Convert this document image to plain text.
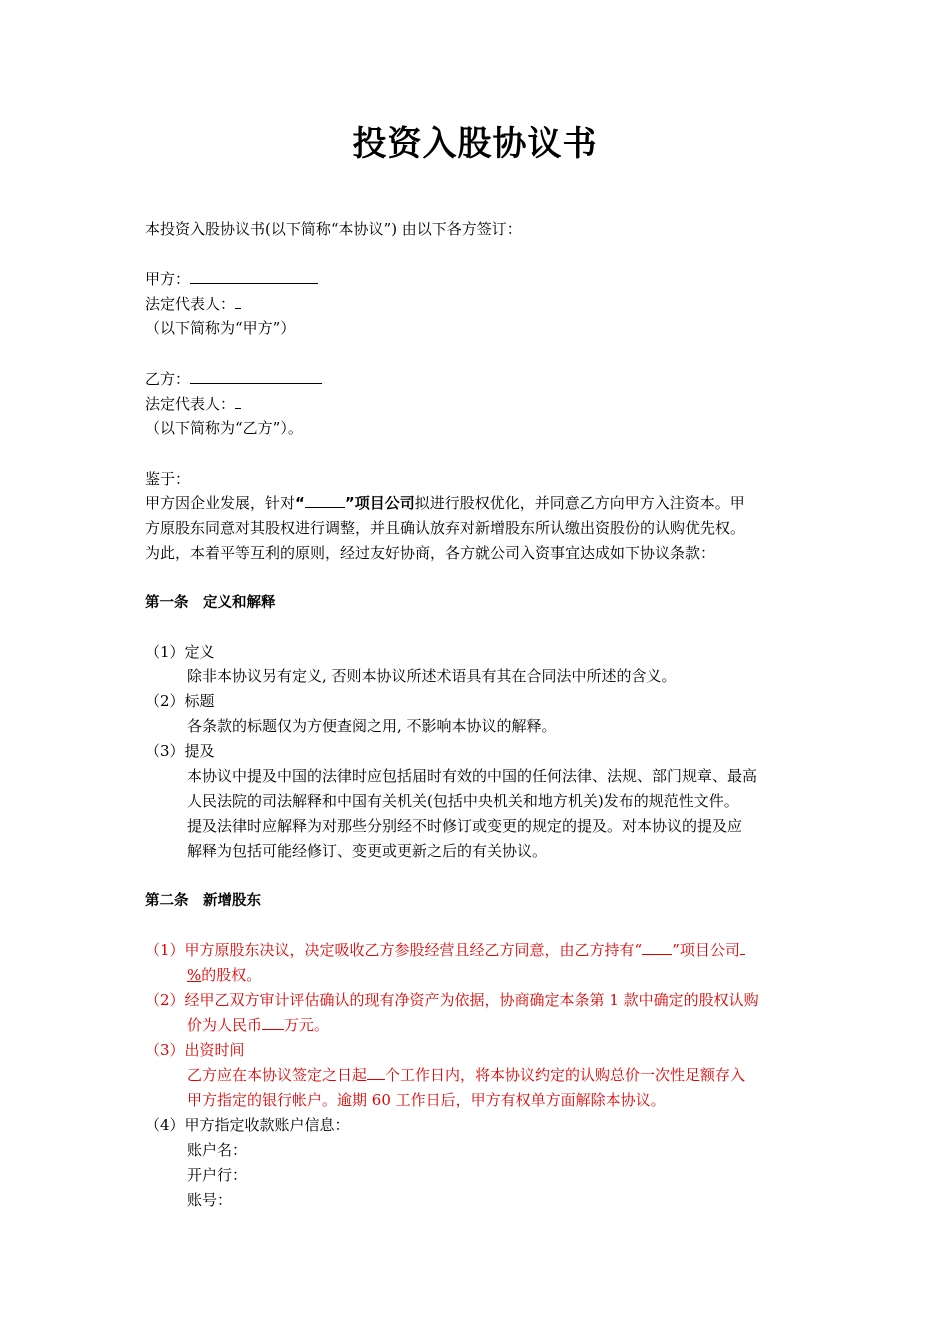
投资入股协议书
本投资入股协议书(以下简称“本协议”) 由以下各方签订：
甲方：
法定代表人：
（以下简称为“甲方”）
乙方：
法定代表人：
（以下简称为“乙方”）。
鉴于：
甲方因企业发展，针对“	”项目公司拟进行股权优化，并同意乙方向甲方入注资本。甲
方原股东同意对其股权进行调整，并且确认放弃对新增股东所认缴出资股份的认购优先权。
为此，本着平等互利的原则，经过友好协商，各方就公司入资事宜达成如下协议条款：
第一条　定义和解释
（1）定义
除非本协议另有定义, 否则本协议所述术语具有其在合同法中所述的含义。
（2）标题
各条款的标题仅为方便查阅之用, 不影响本协议的解释。
（3）提及
本协议中提及中国的法律时应包括届时有效的中国的任何法律、法规、部门规章、最高
人民法院的司法解释和中国有关机关(包括中央机关和地方机关)发布的规范性文件。
提及法律时应解释为对那些分别经不时修订或变更的规定的提及。对本协议的提及应
解释为包括可能经修订、变更或更新之后的有关协议。
第二条　新增股东
（1）甲方原股东决议，决定吸收乙方参股经营且经乙方同意，由乙方持有“ ”项目公司
%的股权。
（2）经甲乙双方审计评估确认的现有净资产为依据，协商确定本条第 1 款中确定的股权认购
价为人民币 万元。
（3）出资时间
乙方应在本协议签定之日起 个工作日内，将本协议约定的认购总价一次性足额存入
甲方指定的银行帐户。逾期 60 工作日后，甲方有权单方面解除本协议。
（4）甲方指定收款账户信息：
账户名：
开户行：
账号：
